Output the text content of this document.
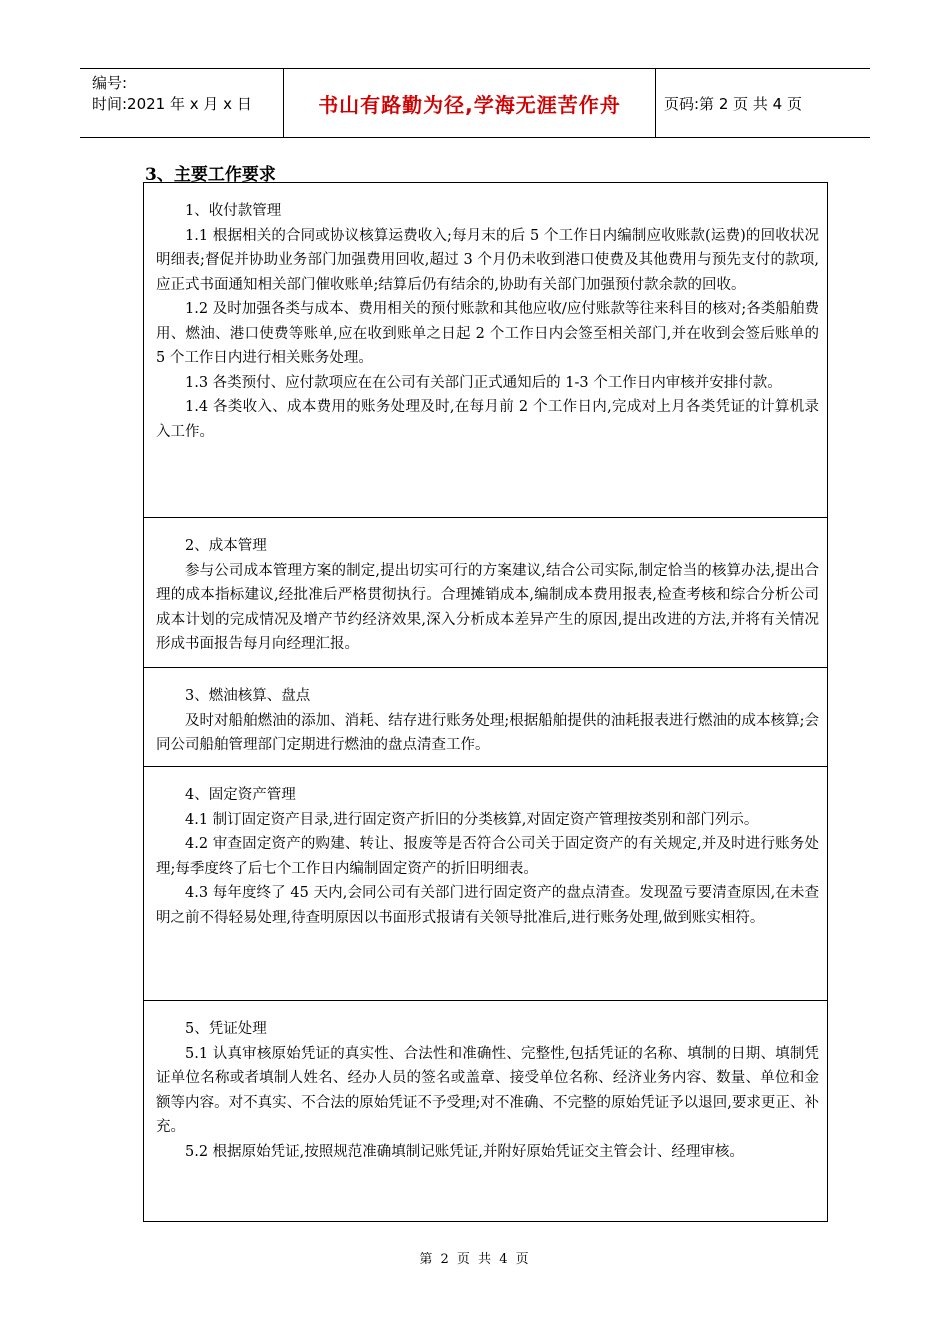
编号:
时间:2021 年 x 月 x 日	书山有路勤为径,学海无涯苦作舟	页码:第 2 页 共 4 页
3、主要工作要求

1、收付款管理

1.1 根据相关的合同或协议核算运费收入;每月末的后 5 个工作日内编制应收账款(运费)的回收状况明细表;督促并协助业务部门加强费用回收,超过 3 个月仍未收到港口使费及其他费用与预先支付的款项,应正式书面通知相关部门催收账单;结算后仍有结余的,协助有关部门加强预付款余款的回收。

1.2 及时加强各类与成本、费用相关的预付账款和其他应收/应付账款等往来科目的核对;各类船舶费用、燃油、港口使费等账单,应在收到账单之日起 2 个工作日内会签至相关部门,并在收到会签后账单的 5 个工作日内进行相关账务处理。

1.3 各类预付、应付款项应在在公司有关部门正式通知后的 1-3 个工作日内审核并安排付款。

1.4 各类收入、成本费用的账务处理及时,在每月前 2 个工作日内,完成对上月各类凭证的计算机录入工作。

2、成本管理

参与公司成本管理方案的制定,提出切实可行的方案建议,结合公司实际,制定恰当的核算办法,提出合理的成本指标建议,经批准后严格贯彻执行。合理摊销成本,编制成本费用报表,检查考核和综合分析公司成本计划的完成情况及增产节约经济效果,深入分析成本差异产生的原因,提出改进的方法,并将有关情况形成书面报告每月向经理汇报。

3、燃油核算、盘点

及时对船舶燃油的添加、消耗、结存进行账务处理;根据船舶提供的油耗报表进行燃油的成本核算;会同公司船舶管理部门定期进行燃油的盘点清查工作。

4、固定资产管理

4.1 制订固定资产目录,进行固定资产折旧的分类核算,对固定资产管理按类别和部门列示。

4.2 审查固定资产的购建、转让、报废等是否符合公司关于固定资产的有关规定,并及时进行账务处理;每季度终了后七个工作日内编制固定资产的折旧明细表。

4.3 每年度终了 45 天内,会同公司有关部门进行固定资产的盘点清查。发现盈亏要清查原因,在未查明之前不得轻易处理,待查明原因以书面形式报请有关领导批准后,进行账务处理,做到账实相符。

5、凭证处理

5.1 认真审核原始凭证的真实性、合法性和准确性、完整性,包括凭证的名称、填制的日期、填制凭证单位名称或者填制人姓名、经办人员的签名或盖章、接受单位名称、经济业务内容、数量、单位和金额等内容。对不真实、不合法的原始凭证不予受理;对不准确、不完整的原始凭证予以退回,要求更正、补充。

5.2 根据原始凭证,按照规范准确填制记账凭证,并附好原始凭证交主管会计、经理审核。

第 2 页 共 4 页
